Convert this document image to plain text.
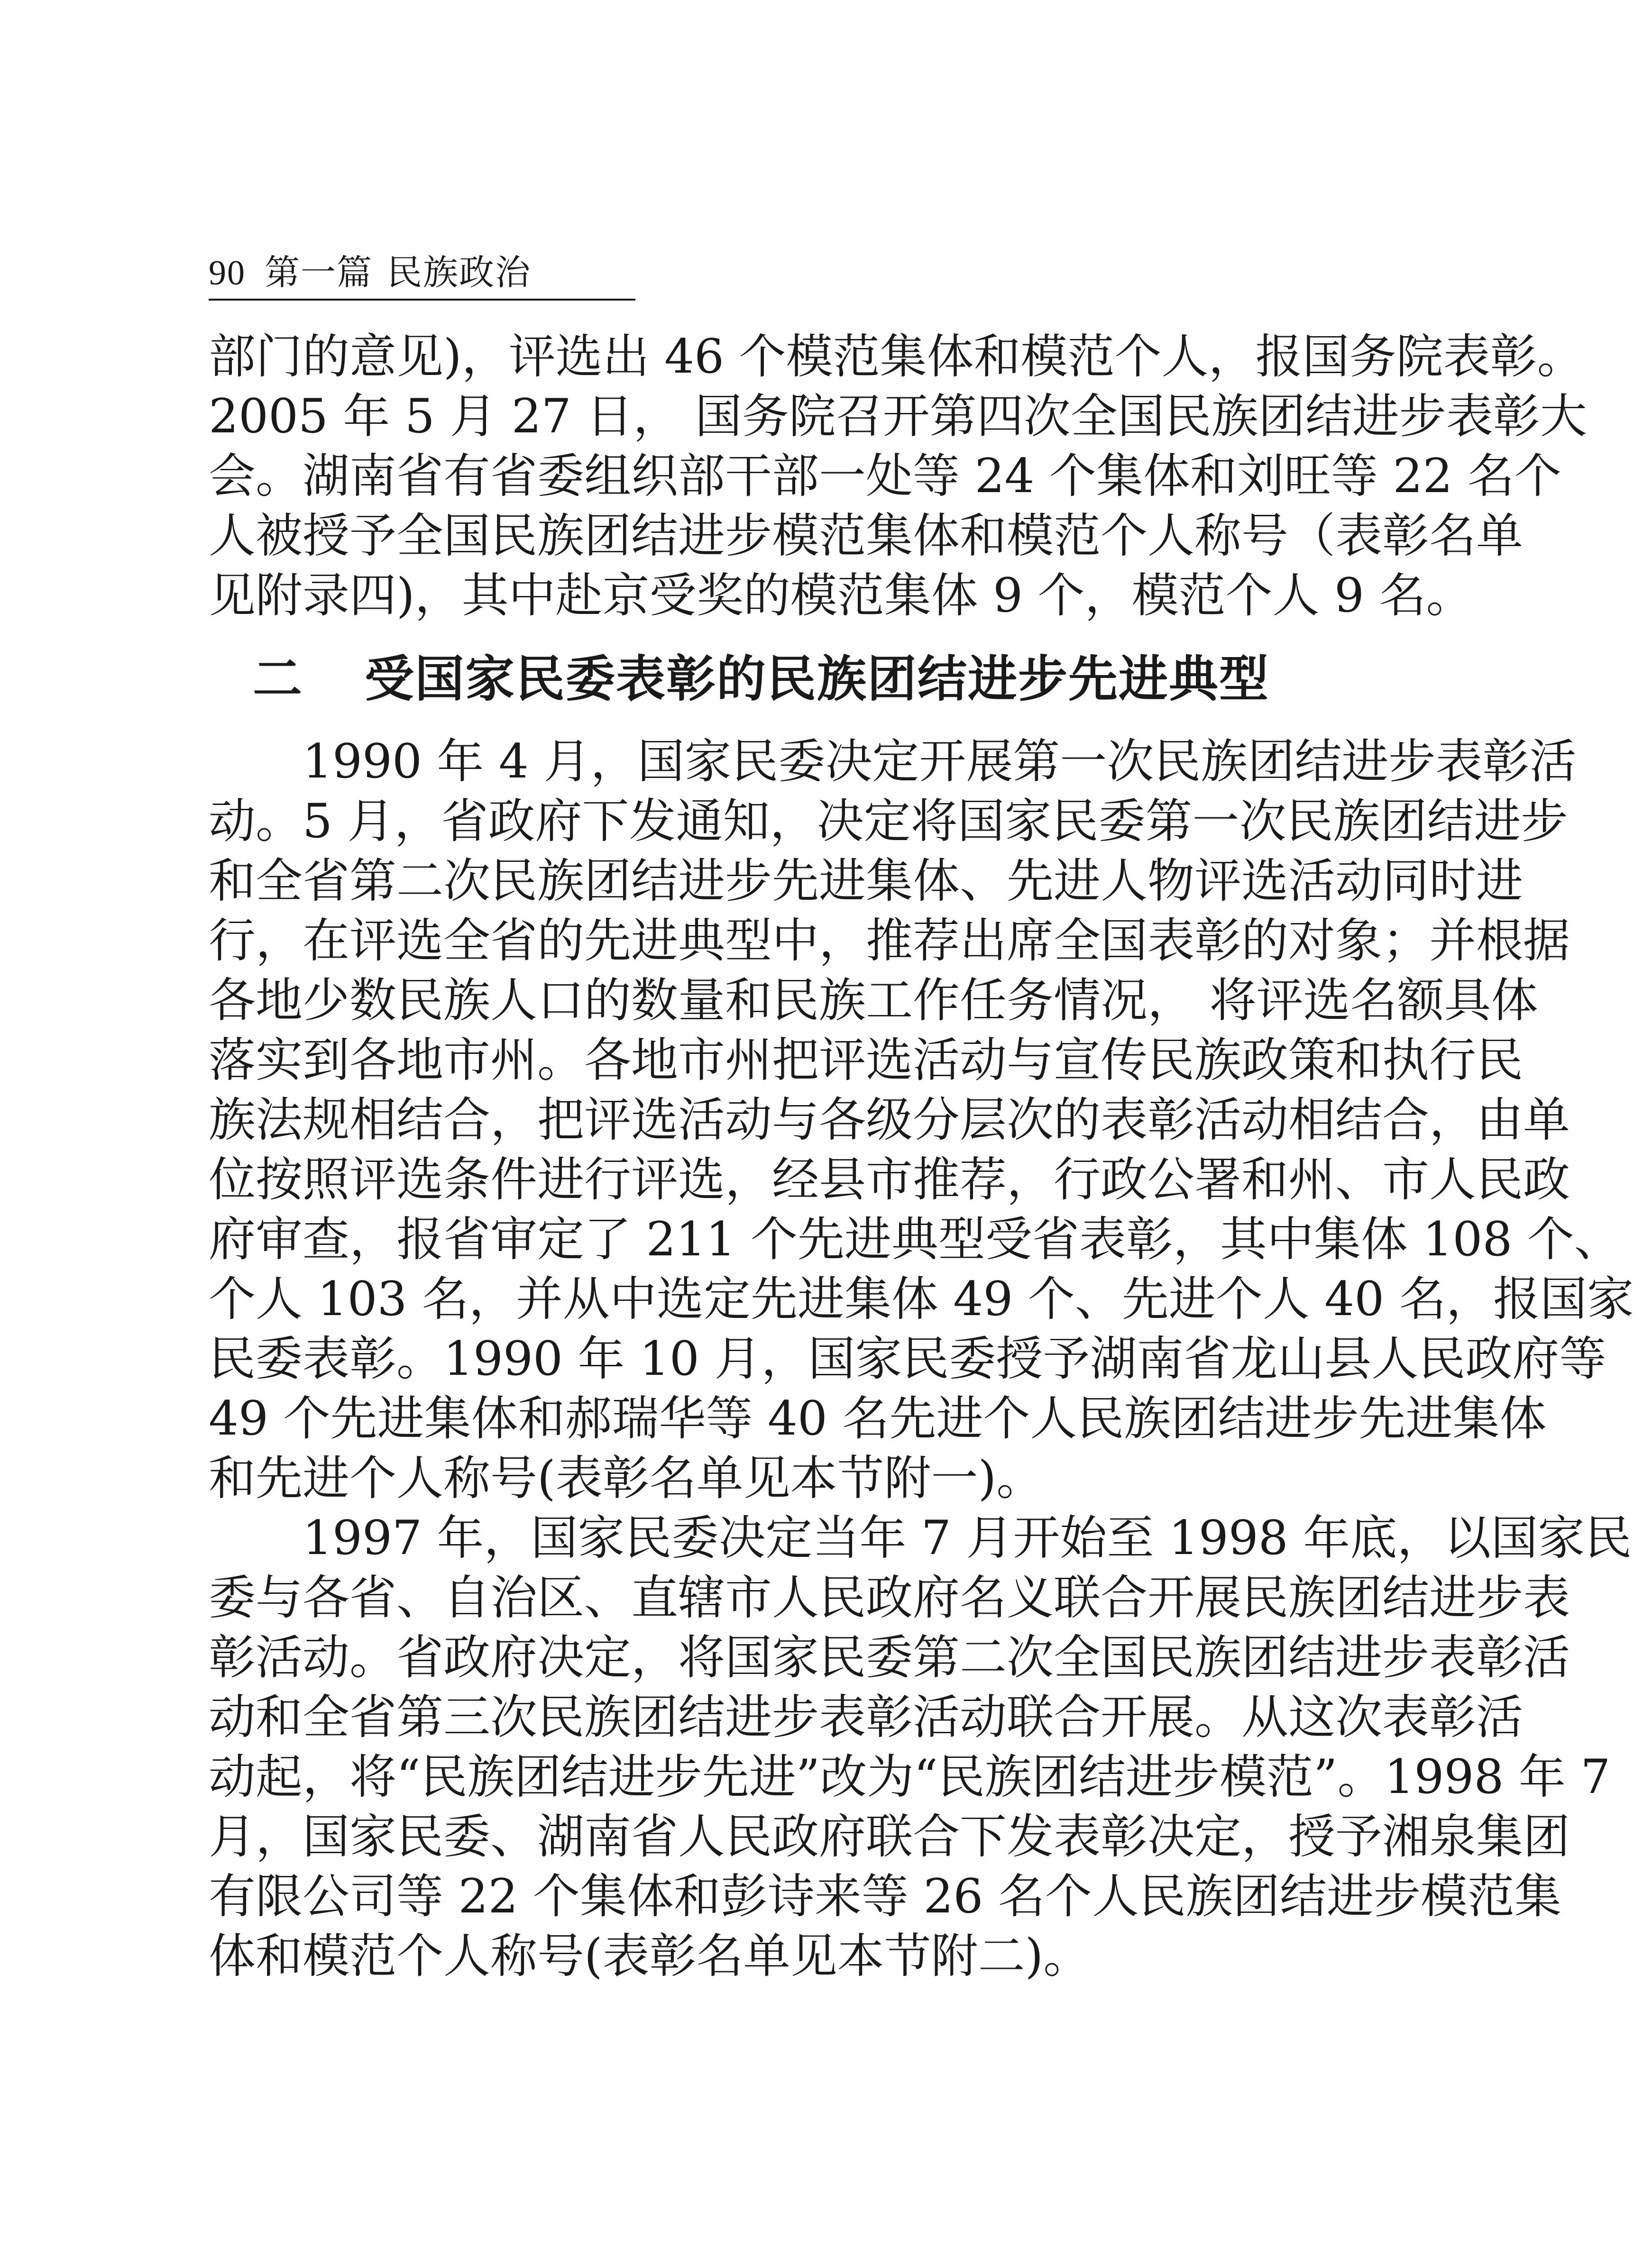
90 第一篇 民族政治
部门的意见)，评选出 46 个模范集体和模范个人，报国务院表彰。
2005 年 5 月 27 日， 国务院召开第四次全国民族团结进步表彰大
会。湖南省有省委组织部干部一处等 24 个集体和刘旺等 22 名个
人被授予全国民族团结进步模范集体和模范个人称号（表彰名单
见附录四)，其中赴京受奖的模范集体 9 个，模范个人 9 名。
二 受国家民委表彰的民族团结进步先进典型
1990 年 4 月，国家民委决定开展第一次民族团结进步表彰活
动。5 月，省政府下发通知，决定将国家民委第一次民族团结进步
和全省第二次民族团结进步先进集体、先进人物评选活动同时进
行，在评选全省的先进典型中，推荐出席全国表彰的对象；并根据
各地少数民族人口的数量和民族工作任务情况， 将评选名额具体
落实到各地市州。各地市州把评选活动与宣传民族政策和执行民
族法规相结合，把评选活动与各级分层次的表彰活动相结合，由单
位按照评选条件进行评选，经县市推荐，行政公署和州、市人民政
府审查，报省审定了 211 个先进典型受省表彰，其中集体 108 个、
个人 103 名，并从中选定先进集体 49 个、先进个人 40 名，报国家
民委表彰。1990 年 10 月，国家民委授予湖南省龙山县人民政府等
49 个先进集体和郝瑞华等 40 名先进个人民族团结进步先进集体
和先进个人称号(表彰名单见本节附一)。
1997 年，国家民委决定当年 7 月开始至 1998 年底，以国家民
委与各省、自治区、直辖市人民政府名义联合开展民族团结进步表
彰活动。省政府决定，将国家民委第二次全国民族团结进步表彰活
动和全省第三次民族团结进步表彰活动联合开展。从这次表彰活
动起，将“民族团结进步先进”改为“民族团结进步模范”。1998 年 7
月，国家民委、湖南省人民政府联合下发表彰决定，授予湘泉集团
有限公司等 22 个集体和彭诗来等 26 名个人民族团结进步模范集
体和模范个人称号(表彰名单见本节附二)。
